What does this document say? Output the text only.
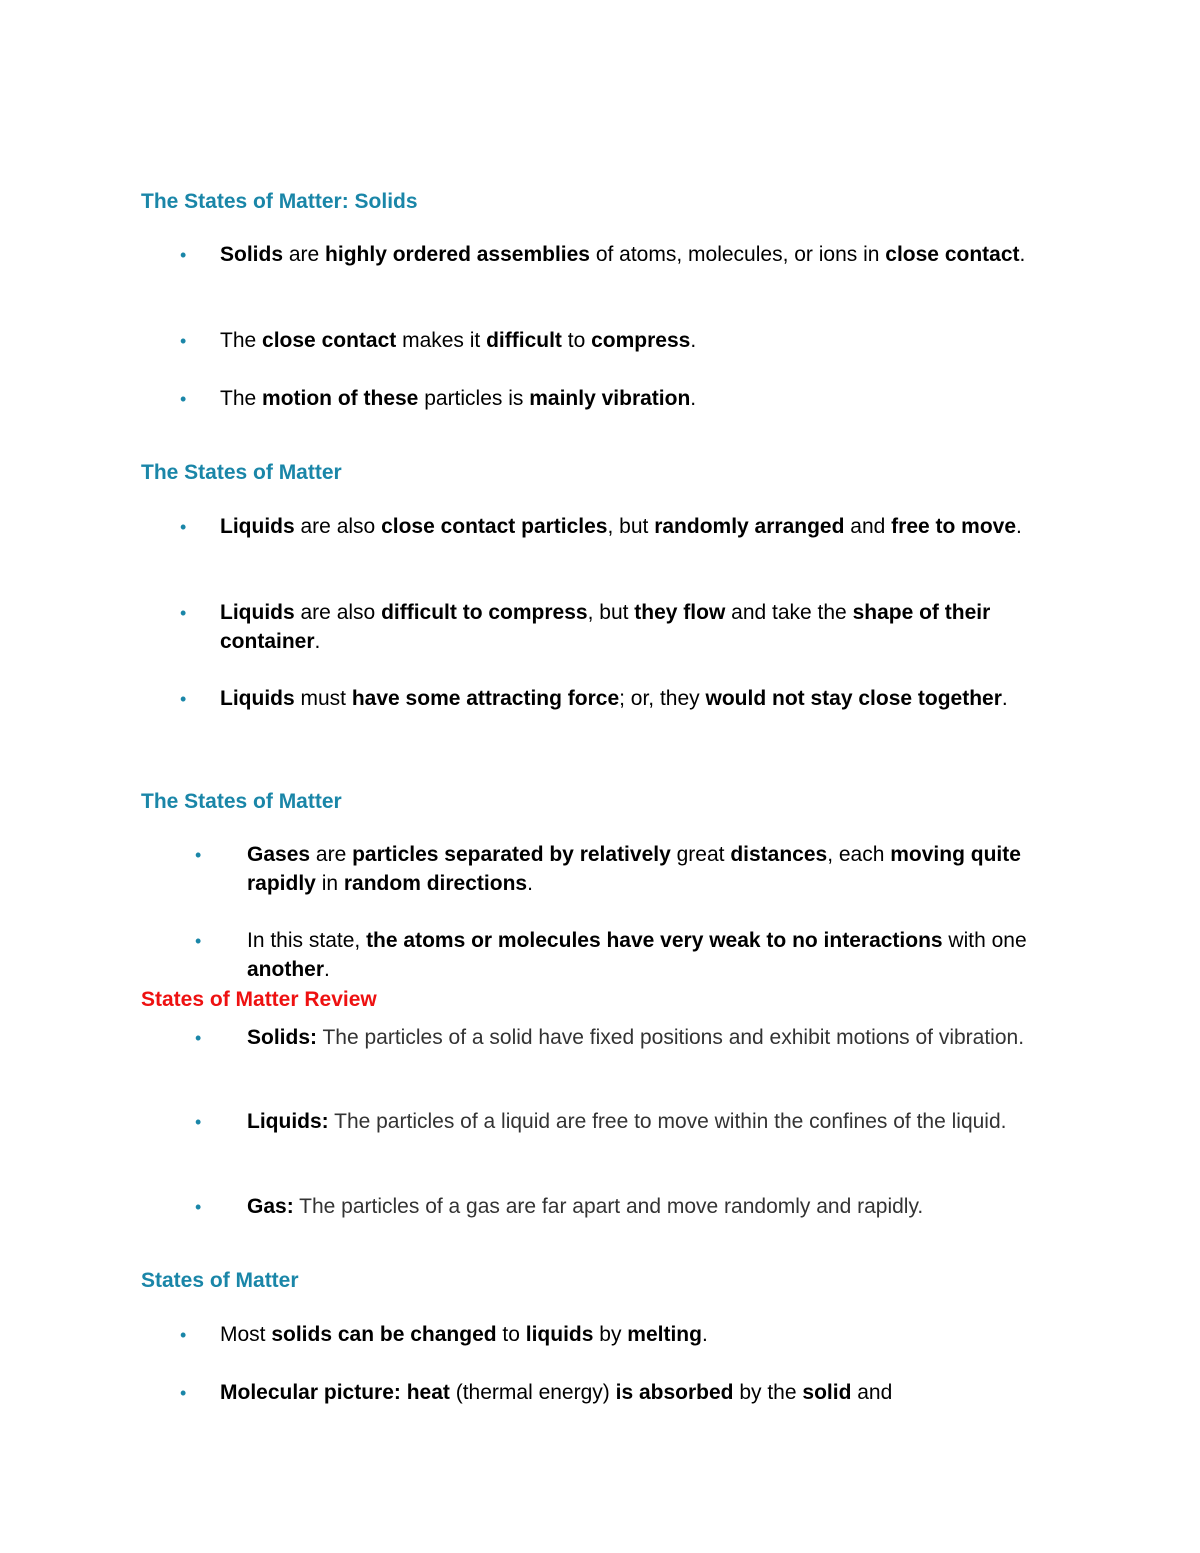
The States of Matter: Solids

•	Solids are highly ordered assemblies of atoms, molecules, or ions in close contact.

•	The close contact makes it difficult to compress.

•	The motion of these particles is mainly vibration.

The States of Matter

•	Liquids are also close contact particles, but randomly arranged and free to move.

•	Liquids are also difficult to compress, but they flow and take the shape of their container.

•	Liquids must have some attracting force; or, they would not stay close together.

The States of Matter

•	Gases are particles separated by relatively great distances, each moving quite rapidly in random directions.

•	In this state, the atoms or molecules have very weak to no interactions with one another.

States of Matter Review

•	Solids: The particles of a solid have fixed positions and exhibit motions of vibration.

•	Liquids: The particles of a liquid are free to move within the confines of the liquid.

•	Gas: The particles of a gas are far apart and move randomly and rapidly.

States of Matter

•	Most solids can be changed to liquids by melting.

•	Molecular picture: heat (thermal energy) is absorbed by the solid and
